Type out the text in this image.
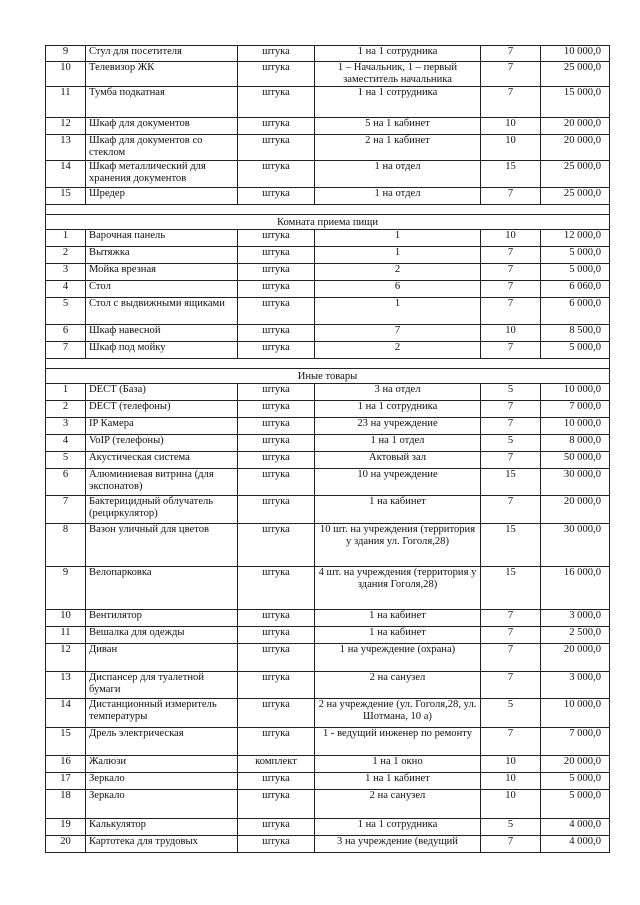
9	Стул для посетителя	штука	1 на 1 сотрудника	7	10 000,0
10	Телевизор ЖК	штука	1 – Начальник, 1 – первый заместитель начальника	7	25 000,0
11	Тумба подкатная	штука	1 на 1 сотрудника	7	15 000,0
12	Шкаф для документов	штука	5 на 1 кабинет	10	20 000,0
13	Шкаф для документов со стеклом	штука	2 на 1 кабинет	10	20 000,0
14	Шкаф металлический для хранения документов	штука	1 на отдел	15	25 000,0
15	Шредер	штука	1 на отдел	7	25 000,0

Комната приема пищи					
1	Варочная панель	штука	1	10	12 000,0
2	Вытяжка	штука	1	7	5 000,0
3	Мойка врезная	штука	2	7	5 000,0
4	Стол	штука	6	7	6 060,0
5	Стол с выдвижными ящиками	штука	1	7	6 000,0
6	Шкаф навесной	штука	7	10	8 500,0
7	Шкаф под мойку	штука	2	7	5 000,0

Иные товары					
1	DECT (База)	штука	3 на отдел	5	10 000,0
2	DECT (телефоны)	штука	1 на 1 сотрудника	7	7 000,0
3	IP Камера	штука	23 на учреждение	7	10 000,0
4	VoIP (телефоны)	штука	1 на 1 отдел	5	8 000,0
5	Акустическая система	штука	Актовый зал	7	50 000,0
6	Алюминиевая витрина (для экспонатов)	штука	10 на учреждение	15	30 000,0
7	Бактерицидный облучатель (рециркулятор)	штука	1 на кабинет	7	20 000,0
8	Вазон уличный для цветов	штука	10 шт. на учреждения (территория у здания ул. Гоголя,28)	15	30 000,0
9	Велопарковка	штука	4 шт. на учреждения (территория у здания Гоголя,28)	15	16 000,0
10	Вентилятор	штука	1 на кабинет	7	3 000,0
11	Вешалка для одежды	штука	1 на кабинет	7	2 500,0
12	Диван	штука	1 на учреждение (охрана)	7	20 000,0
13	Диспансер для туалетной бумаги	штука	2 на санузел	7	3 000,0
14	Дистанционный измеритель температуры	штука	2 на учреждение (ул. Гоголя,28, ул. Шотмана, 10 а)	5	10 000,0
15	Дрель электрическая	штука	1 - ведущий инженер по ремонту	7	7 000,0
16	Жалюзи	комплект	1 на 1 окно	10	20 000,0
17	Зеркало	штука	1 на 1 кабинет	10	5 000,0
18	Зеркало	штука	2 на санузел	10	5 000,0
19	Калькулятор	штука	1 на 1 сотрудника	5	4 000,0
20	Картотека для трудовых	штука	3 на учреждение (ведущий	7	4 000,0
